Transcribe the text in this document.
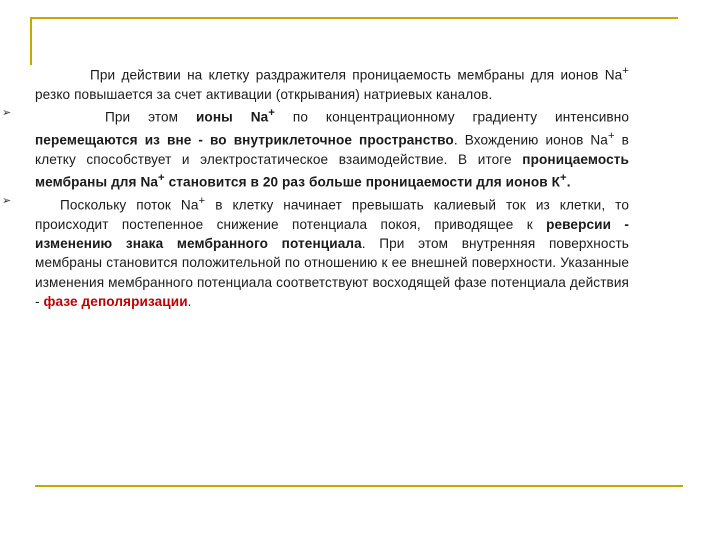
При действии на клетку раздражителя проницаемость мембраны для ионов Na+ резко повышается за счет активации (открывания) натриевых каналов.

➢	При этом ионы Na+ по концентрационному градиенту интенсивно перемещаются из вне - во внутриклеточное пространство. Вхождению ионов Na+ в клетку способствует и электростатическое взаимодействие. В итоге проницаемость мембраны для Na+ становится в 20 раз больше проницаемости для ионов К+.

➢	Поскольку поток Na+ в клетку начинает превышать калиевый ток из клетки, то происходит постепенное снижение потенциала покоя, приводящее к реверсии - изменению знака мембранного потенциала. При этом внутренняя поверхность мембраны становится положительной по отношению к ее внешней поверхности. Указанные изменения мембранного потенциала соответствуют восходящей фазе потенциала действия - фазе деполяризации.
